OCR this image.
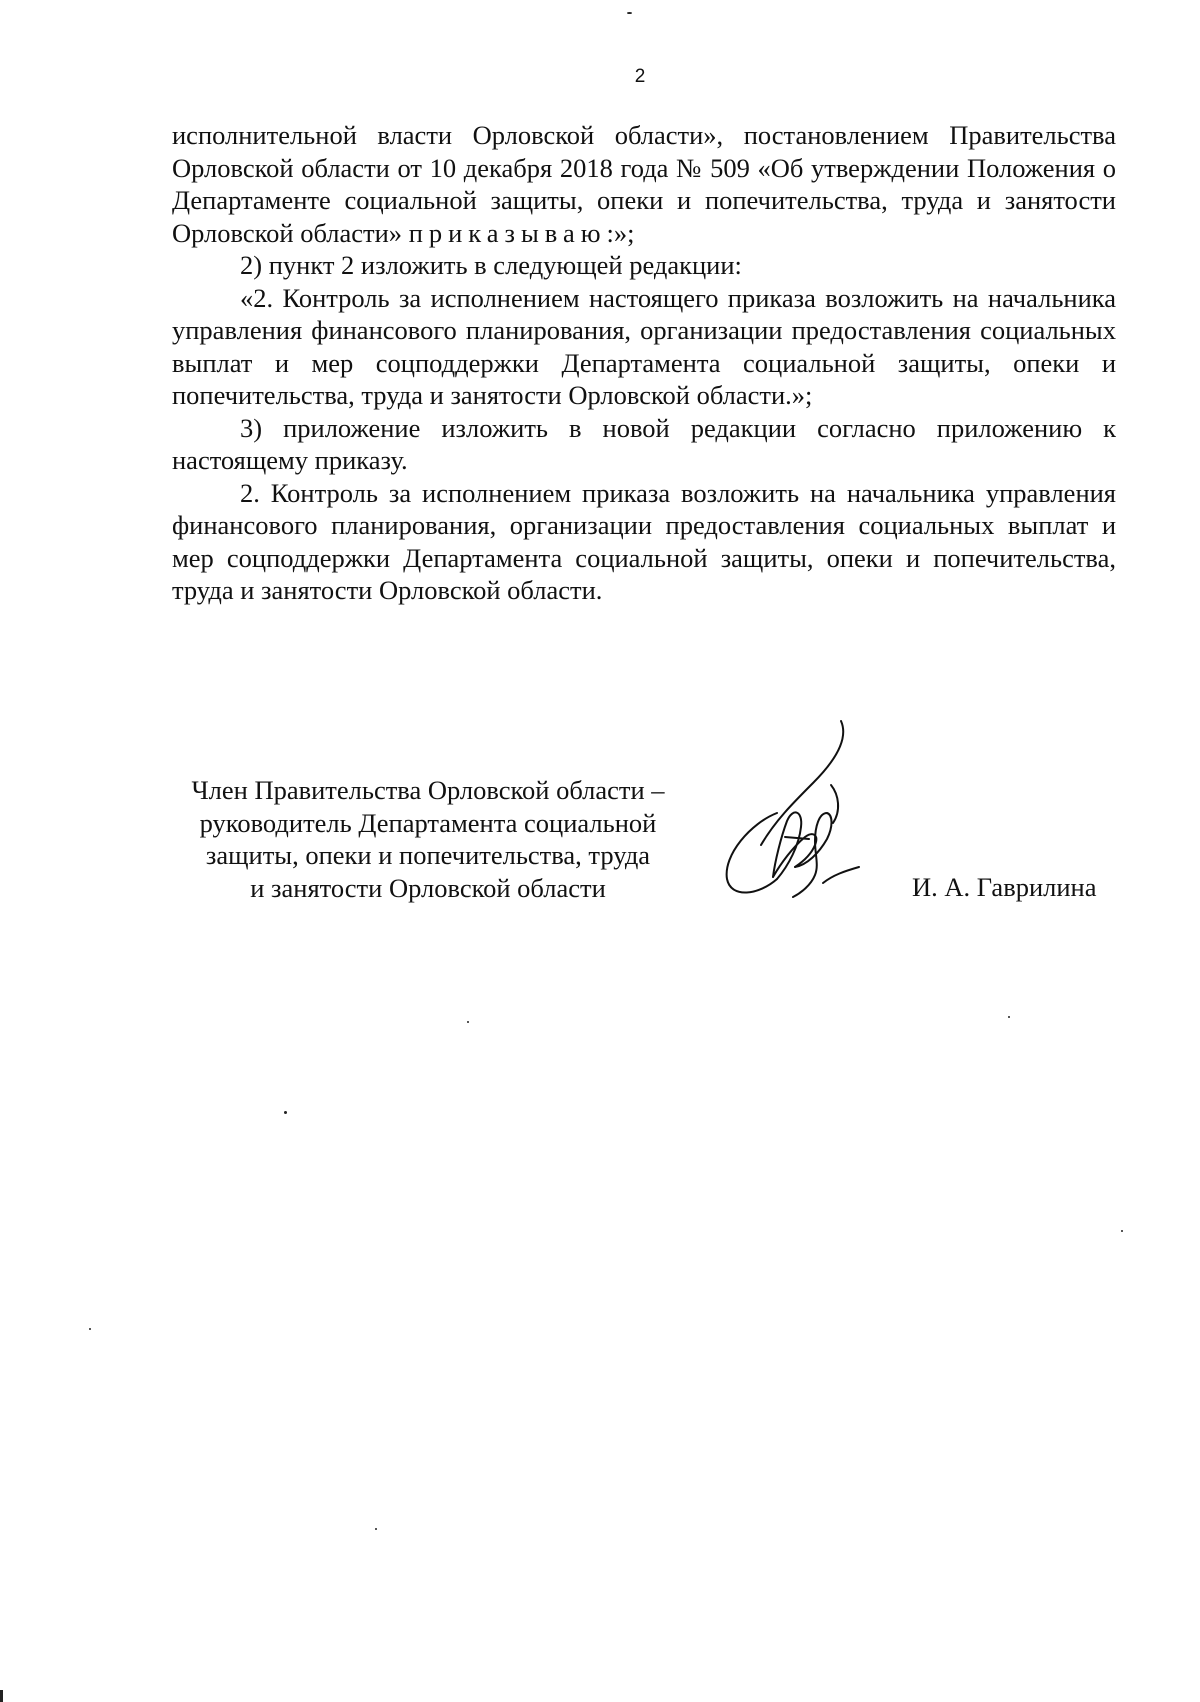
2

исполнительной власти Орловской области», постановлением Правительства Орловской области от 10 декабря 2018 года № 509 «Об утверждении Положения о Департаменте социальной защиты, опеки и попечительства, труда и занятости Орловской области» приказываю:»;

2) пункт 2 изложить в следующей редакции:

«2. Контроль за исполнением настоящего приказа возложить на начальника управления финансового планирования, организации предоставления социальных выплат и мер соцподдержки Департамента социальной защиты, опеки и попечительства, труда и занятости Орловской области.»;

3) приложение изложить в новой редакции согласно приложению к настоящему приказу.

2. Контроль за исполнением приказа возложить на начальника управления финансового планирования, организации предоставления социальных выплат и мер соцподдержки Департамента социальной защиты, опеки и попечительства, труда и занятости Орловской области.

Член Правительства Орловской области –
руководитель Департамента социальной
защиты, опеки и попечительства, труда
и занятости Орловской области	И. А. Гаврилина
